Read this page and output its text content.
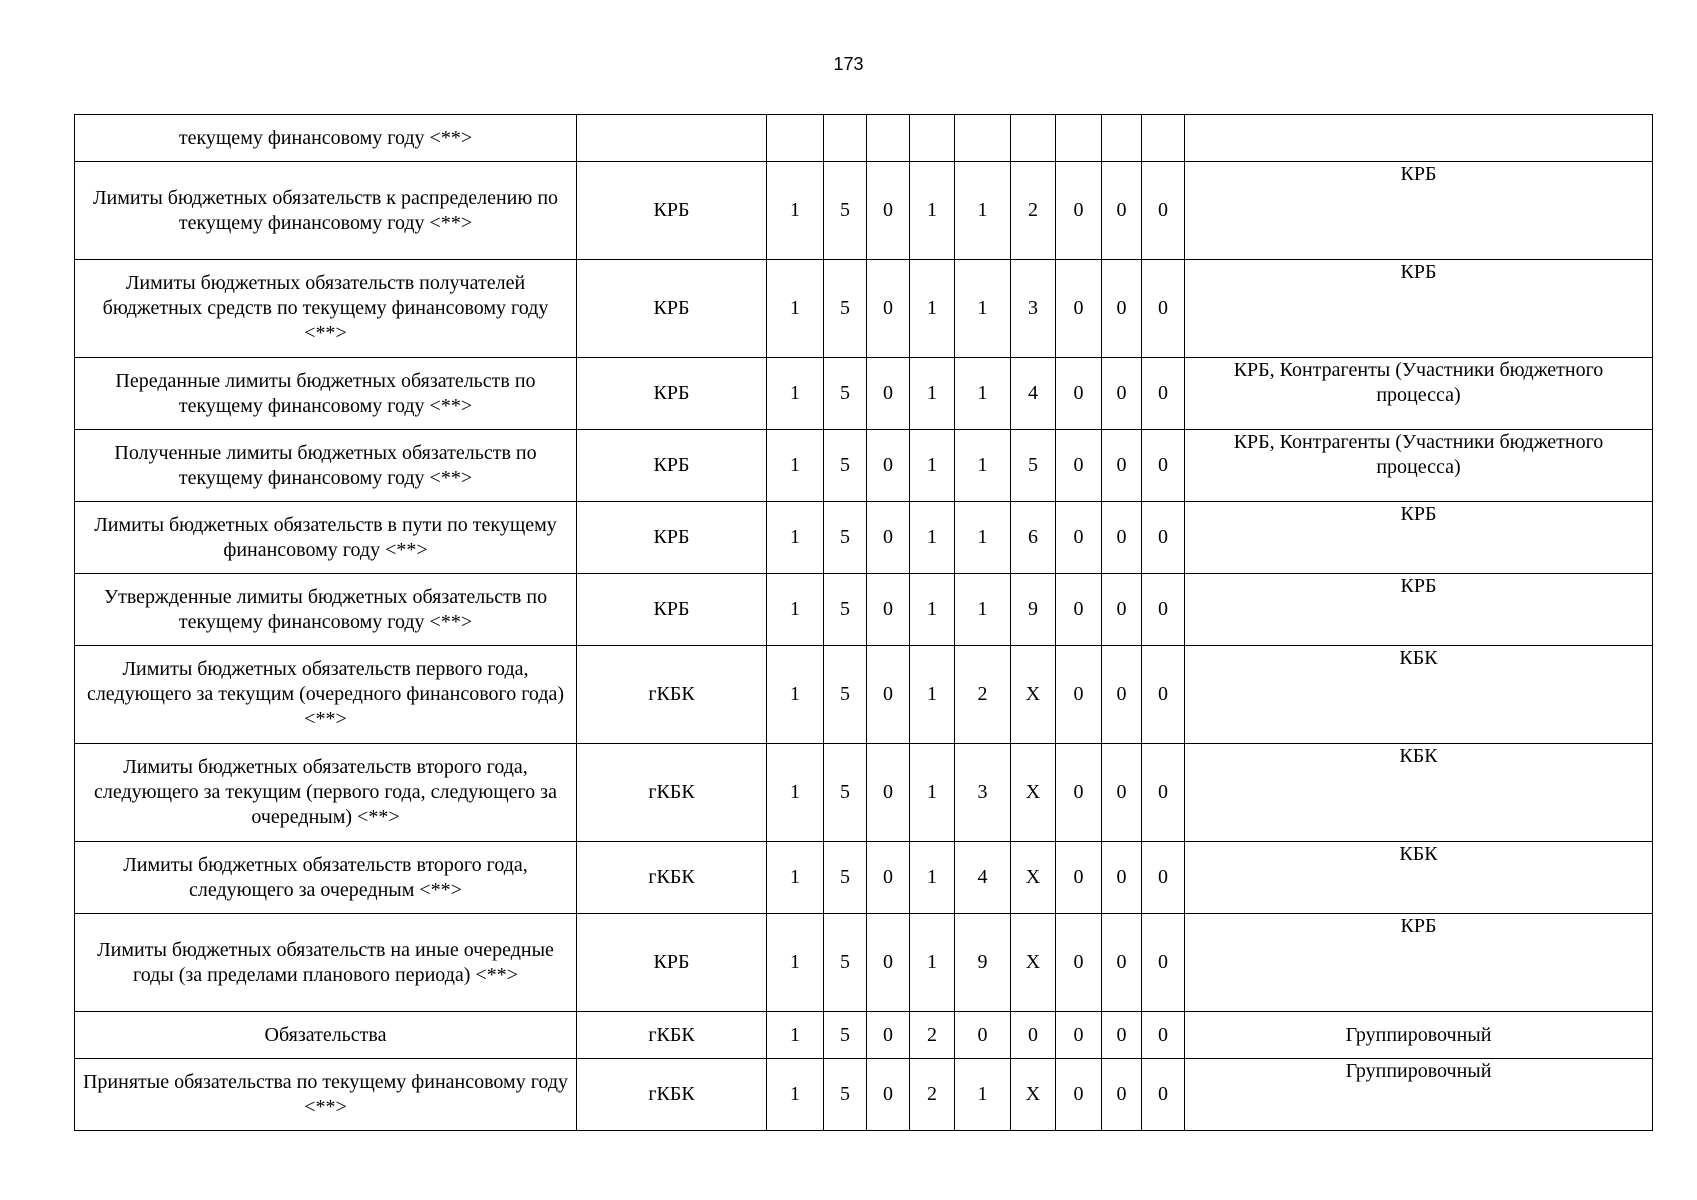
173
текущему финансовому году <**>											
Лимиты бюджетных обязательств к распределению по текущему финансовому году <**>	КРБ	1	5	0	1	1	2	0	0	0	КРБ
Лимиты бюджетных обязательств получателей бюджетных средств по текущему финансовому году <**>	КРБ	1	5	0	1	1	3	0	0	0	КРБ
Переданные лимиты бюджетных обязательств по текущему финансовому году <**>	КРБ	1	5	0	1	1	4	0	0	0	КРБ, Контрагенты (Участники бюджетного процесса)
Полученные лимиты бюджетных обязательств по текущему финансовому году <**>	КРБ	1	5	0	1	1	5	0	0	0	КРБ, Контрагенты (Участники бюджетного процесса)
Лимиты бюджетных обязательств в пути по текущему финансовому году <**>	КРБ	1	5	0	1	1	6	0	0	0	КРБ
Утвержденные лимиты бюджетных обязательств по текущему финансовому году <**>	КРБ	1	5	0	1	1	9	0	0	0	КРБ
Лимиты бюджетных обязательств первого года, следующего за текущим (очередного финансового года) <**>	гКБК	1	5	0	1	2	X	0	0	0	КБК
Лимиты бюджетных обязательств второго года, следующего за текущим (первого года, следующего за очередным) <**>	гКБК	1	5	0	1	3	X	0	0	0	КБК
Лимиты бюджетных обязательств второго года, следующего за очередным <**>	гКБК	1	5	0	1	4	X	0	0	0	КБК
Лимиты бюджетных обязательств на иные очередные годы (за пределами планового периода) <**>	КРБ	1	5	0	1	9	X	0	0	0	КРБ
Обязательства	гКБК	1	5	0	2	0	0	0	0	0	Группировочный
Принятые обязательства по текущему финансовому году <**>	гКБК	1	5	0	2	1	X	0	0	0	Группировочный
